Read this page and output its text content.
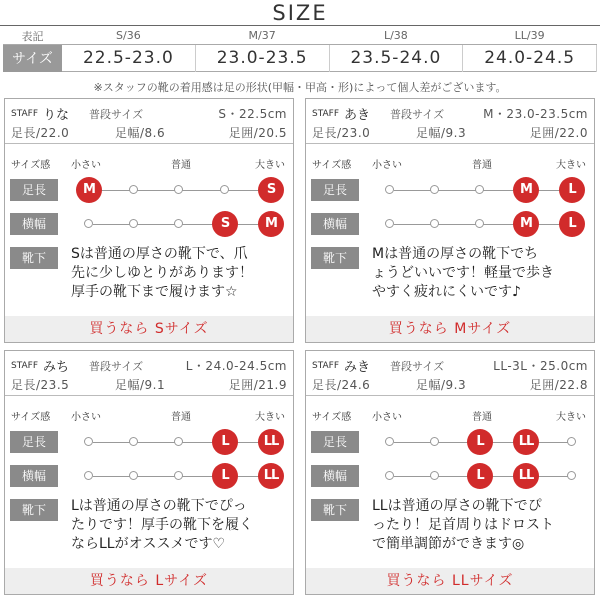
SIZE
表記	S/36	M/37	L/38	LL/39
サイズ	22.5-23.0	23.0-23.5	23.5-24.0	24.0-24.5
※スタッフの靴の着用感は足の形状(甲幅・甲高・形)によって個人差がございます。
STAFF りな 普段サイズ	S・22.5cm
足長/22.0	足幅/8.6	足囲/20.5
サイズ感 小さい	普通	大きい
足長	S
M
横幅	S	M
靴下	Sは普通の厚さの靴下で、爪
先に少しゆとりがあります！
厚手の靴下まで履けます☆
買うなら Sサイズ
STAFF あき 普段サイズ	M・23.0-23.5cm
足長/23.0	足幅/9.3	足囲/22.0
サイズ感 小さい	普通	大きい
足長	M	L
横幅	M	L
靴下	Mは普通の厚さの靴下でち
ょうどいいです！軽量で歩き
やすく疲れにくいです♪
買うなら Mサイズ
STAFF みち 普段サイズ	L・24.0-24.5cm
足長/23.5	足幅/9.1	足囲/21.9
サイズ感 小さい	普通	大きい
足長	L	LL
横幅	L	LL
靴下	Lは普通の厚さの靴下でぴっ
たりです！厚手の靴下を履く
ならLLがオススメです♡
買うなら Lサイズ
STAFF みき 普段サイズ	LL-3L・25.0cm
足長/24.6	足幅/9.3	足囲/22.8
サイズ感 小さい	普通	大きい
足長	L	LL
横幅	L	LL
靴下	LLは普通の厚さの靴下でぴ
ったり！足首周りはドロスト
で簡単調節ができます◎
買うなら LLサイズ
